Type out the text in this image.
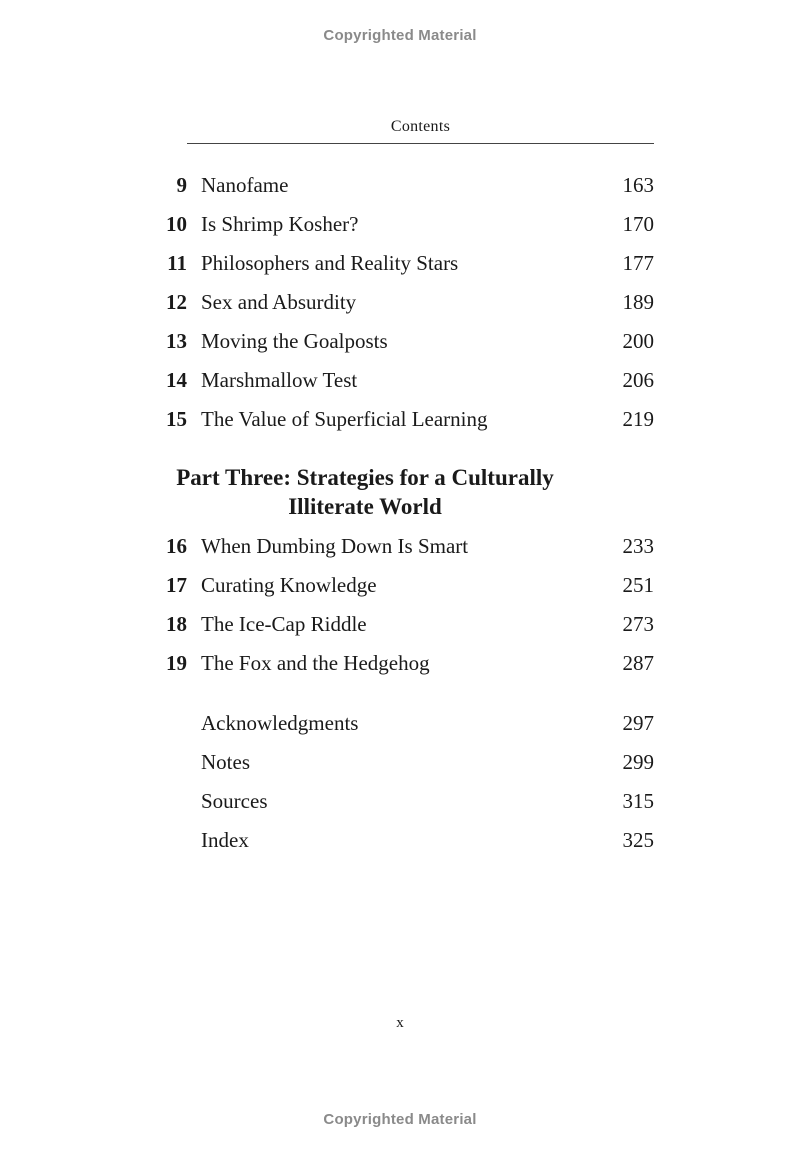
Copyrighted Material
Contents
9 Nanofame	163
10 Is Shrimp Kosher?	170
11 Philosophers and Reality Stars	177
12 Sex and Absurdity	189
13 Moving the Goalposts	200
14 Marshmallow Test	206
15 The Value of Superficial Learning	219
Part Three: Strategies for a Culturally
Illiterate World
16 When Dumbing Down Is Smart	233
17 Curating Knowledge	251
18 The Ice-Cap Riddle	273
19 The Fox and the Hedgehog	287
Acknowledgments	297
Notes	299
Sources	315
Index	325
x
Copyrighted Material
